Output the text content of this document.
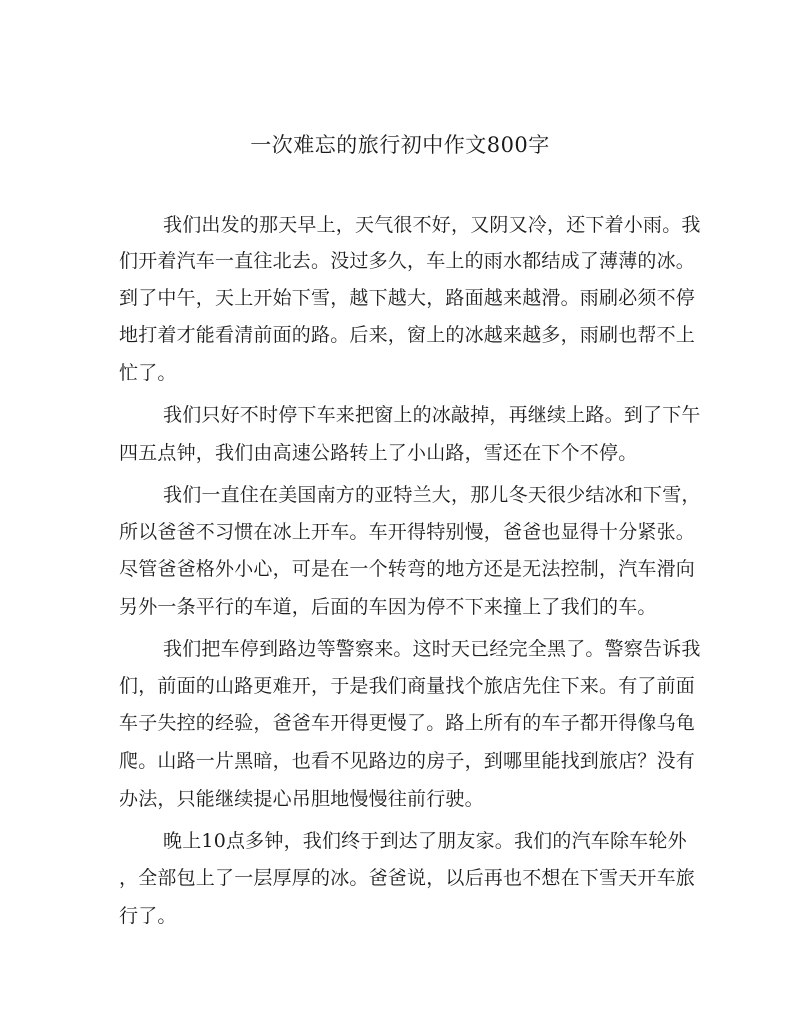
一次难忘的旅行初中作文800字
我们出发的那天早上，天气很不好，又阴又冷，还下着小雨。我
们开着汽车一直往北去。没过多久，车上的雨水都结成了薄薄的冰。
到了中午，天上开始下雪，越下越大，路面越来越滑。雨刷必须不停
地打着才能看清前面的路。后来，窗上的冰越来越多，雨刷也帮不上
忙了。
我们只好不时停下车来把窗上的冰敲掉，再继续上路。到了下午
四五点钟，我们由高速公路转上了小山路，雪还在下个不停。
我们一直住在美国南方的亚特兰大，那儿冬天很少结冰和下雪，
所以爸爸不习惯在冰上开车。车开得特别慢，爸爸也显得十分紧张。
尽管爸爸格外小心，可是在一个转弯的地方还是无法控制，汽车滑向
另外一条平行的车道，后面的车因为停不下来撞上了我们的车。
我们把车停到路边等警察来。这时天已经完全黑了。警察告诉我
们，前面的山路更难开，于是我们商量找个旅店先住下来。有了前面
车子失控的经验，爸爸车开得更慢了。路上所有的车子都开得像乌龟
爬。山路一片黑暗，也看不见路边的房子，到哪里能找到旅店？没有
办法，只能继续提心吊胆地慢慢往前行驶。
晚上10点多钟，我们终于到达了朋友家。我们的汽车除车轮外
，全部包上了一层厚厚的冰。爸爸说，以后再也不想在下雪天开车旅
行了。
